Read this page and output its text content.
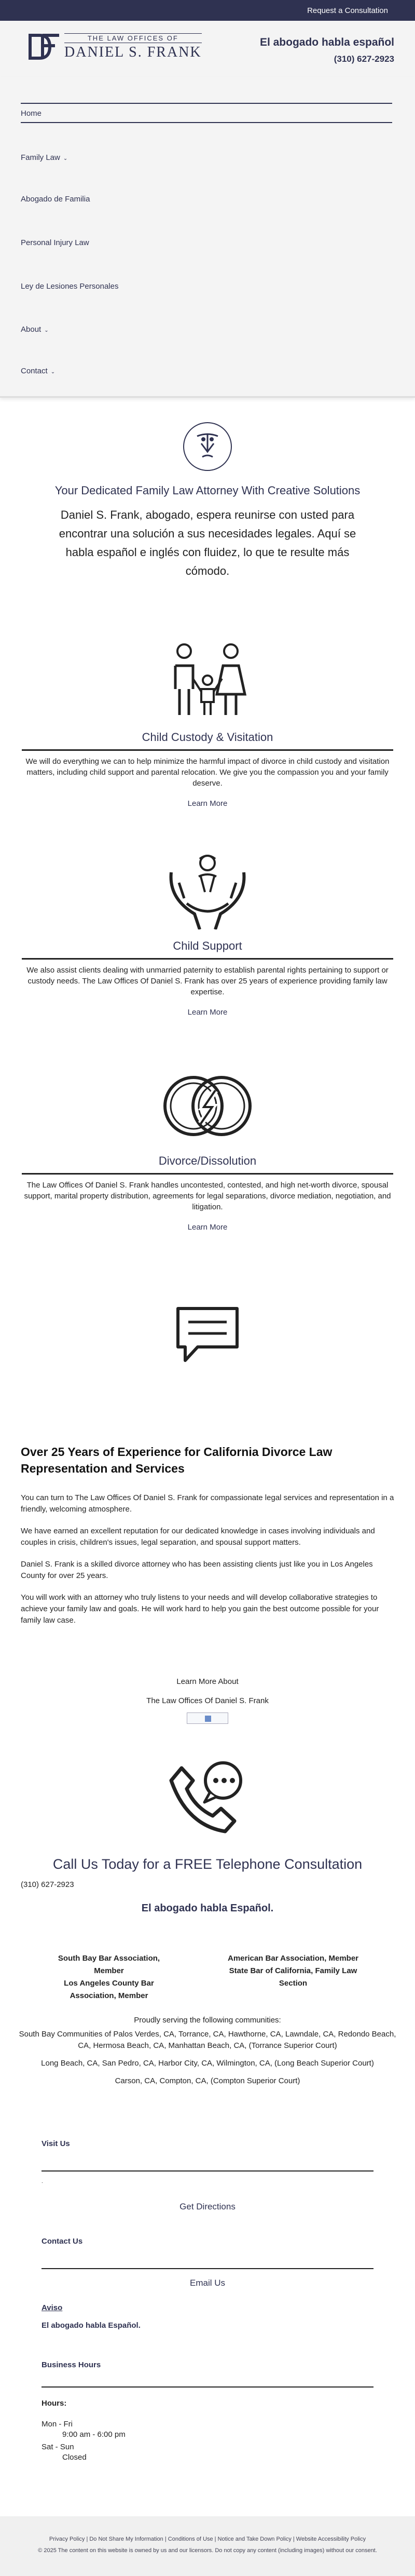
Request a Consultation
THE LAW OFFICES OF
DANIEL S. FRANK
El abogado habla español
(310) 627-2923
Home
Family Law ⌄
Abogado de Familia
Personal Injury Law
Ley de Lesiones Personales
About ⌄
Contact ⌄
Your Dedicated Family Law Attorney With Creative Solutions
Daniel S. Frank, abogado, espera reunirse con usted para encontrar una solución a sus necesidades legales. Aquí se habla español e inglés con fluidez, lo que te resulte más cómodo.
Child Custody & Visitation
We will do everything we can to help minimize the harmful impact of divorce in child custody and visitation matters, including child support and parental relocation. We give you the compassion you and your family deserve.
Learn More
Child Support
We also assist clients dealing with unmarried paternity to establish parental rights pertaining to support or custody needs. The Law Offices Of Daniel S. Frank has over 25 years of experience providing family law expertise.
Learn More
Divorce/Dissolution
The Law Offices Of Daniel S. Frank handles uncontested, contested, and high net-worth divorce, spousal support, marital property distribution, agreements for legal separations, divorce mediation, negotiation, and litigation.
Learn More
Over 25 Years of Experience for California Divorce Law Representation and Services

You can turn to The Law Offices Of Daniel S. Frank for compassionate legal services and representation in a friendly, welcoming atmosphere.

We have earned an excellent reputation for our dedicated knowledge in cases involving individuals and couples in crisis, children's issues, legal separation, and spousal support matters.

Daniel S. Frank is a skilled divorce attorney who has been assisting clients just like you in Los Angeles County for over 25 years.

You will work with an attorney who truly listens to your needs and will develop collaborative strategies to achieve your family law and goals. He will work hard to help you gain the best outcome possible for your family law case.

Learn More About
The Law Offices Of Daniel S. Frank
Call Us Today for a FREE Telephone Consultation
(310) 627-2923
El abogado habla Español.
South Bay Bar Association, Member
Los Angeles County Bar Association, Member
American Bar Association, Member
State Bar of California, Family Law Section
Proudly serving the following communities:
South Bay Communities of Palos Verdes, CA, Torrance, CA, Hawthorne, CA, Lawndale, CA, Redondo Beach, CA, Hermosa Beach, CA, Manhattan Beach, CA, (Torrance Superior Court)
Long Beach, CA, San Pedro, CA, Harbor City, CA, Wilmington, CA, (Long Beach Superior Court)
Carson, CA, Compton, CA, (Compton Superior Court)
Visit Us
.
Get Directions
Contact Us
Email Us
Aviso
El abogado habla Español.
Business Hours
Hours:
Mon - Fri
9:00 am - 6:00 pm
Sat - Sun
Closed
Privacy Policy | Do Not Share My Information | Conditions of Use | Notice and Take Down Policy | Website Accessibility Policy
© 2025 The content on this website is owned by us and our licensors. Do not copy any content (including images) without our consent.
